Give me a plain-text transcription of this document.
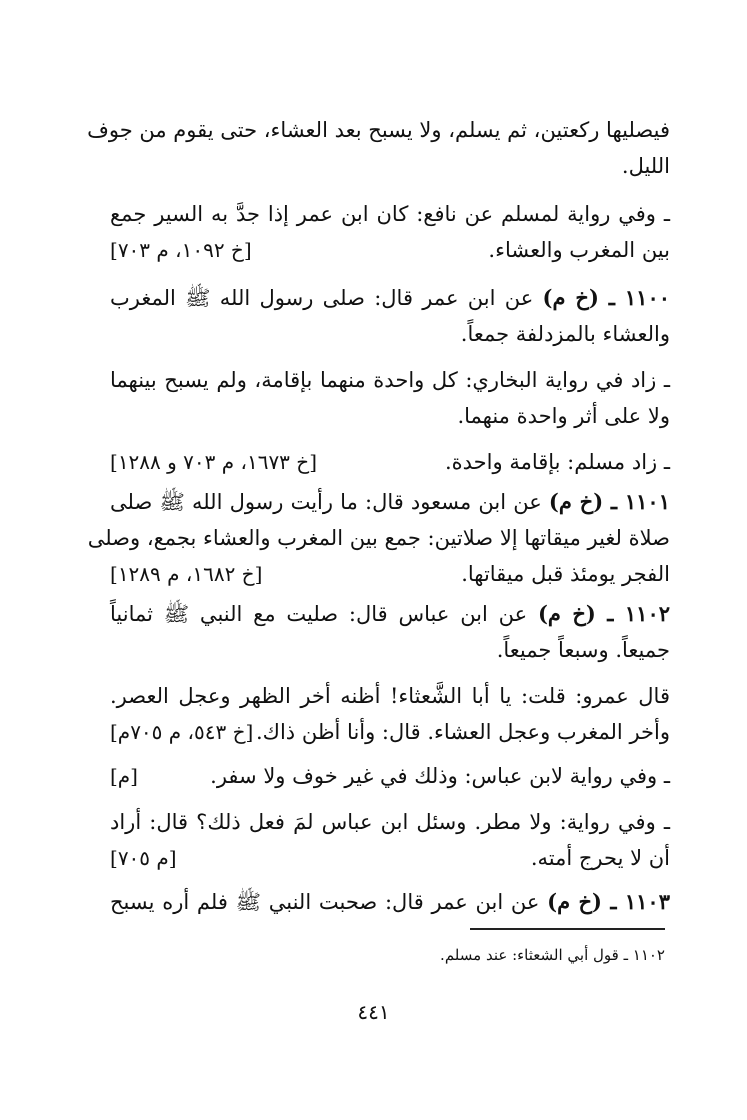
فيصليها ركعتين، ثم يسلم، ولا يسبح بعد العشاء، حتى يقوم من جوف
الليل.
ـ وفي رواية لمسلم عن نافع: كان ابن عمر إذا جدَّ به السير جمع
بين المغرب والعشاء.
[خ ١٠٩٢، م ٧٠٣]
١١٠٠ ـ (خ م) عن ابن عمر قال: صلى رسول الله ﷺ المغرب
والعشاء بالمزدلفة جمعاً.
ـ زاد في رواية البخاري: كل واحدة منهما بإقامة، ولم يسبح بينهما
ولا على أثر واحدة منهما.
ـ زاد مسلم: بإقامة واحدة.
[خ ١٦٧٣، م ٧٠٣ و ١٢٨٨]
١١٠١ ـ (خ م) عن ابن مسعود قال: ما رأيت رسول الله ﷺ صلى
صلاة لغير ميقاتها إلا صلاتين: جمع بين المغرب والعشاء بجمع، وصلى
الفجر يومئذ قبل ميقاتها.
[خ ١٦٨٢، م ١٢٨٩]
١١٠٢ ـ (خ م) عن ابن عباس قال: صليت مع النبي ﷺ ثمانياً
جميعاً. وسبعاً جميعاً.
قال عمرو: قلت: يا أبا الشَّعثاء! أظنه أخر الظهر وعجل العصر.
وأخر المغرب وعجل العشاء. قال: وأنا أظن ذاك.
[خ ٥٤٣، م ٧٠٥م]
ـ وفي رواية لابن عباس: وذلك في غير خوف ولا سفر.
[م]
ـ وفي رواية: ولا مطر. وسئل ابن عباس لمَ فعل ذلك؟ قال: أراد
أن لا يحرج أمته.
[م ٧٠٥]
١١٠٣ ـ (خ م) عن ابن عمر قال: صحبت النبي ﷺ فلم أره يسبح
١١٠٢ ـ قول أبي الشعثاء: عند مسلم.
٤٤١
